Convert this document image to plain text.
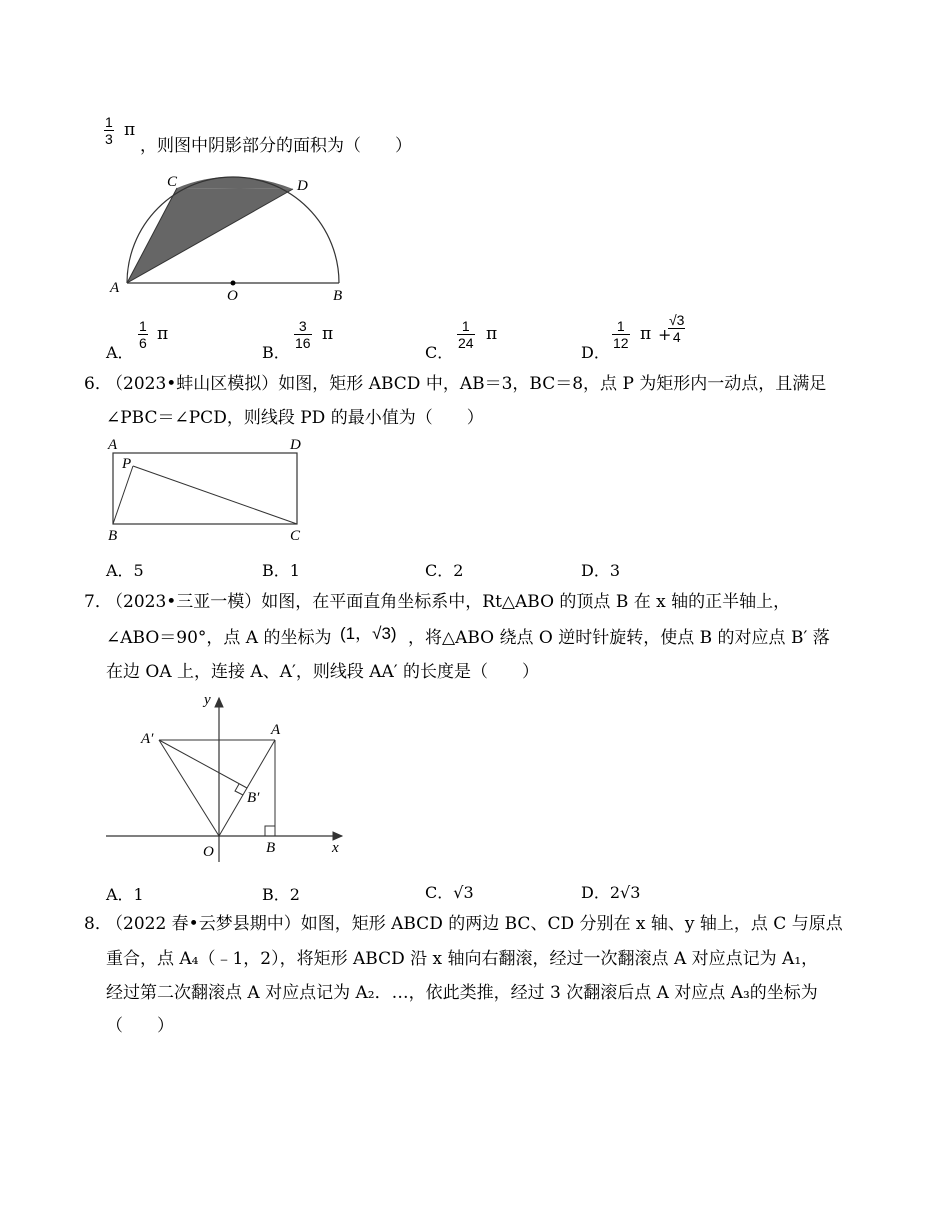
$\frac{1}{3}$ π
，则图中阴影部分的面积为（　　）
C	D
A	O	B
A．
$\frac{1}{6}$ π
B．
$\frac{3}{16}$ π
C．
$\frac{1}{24}$ π
D．
$\frac{1}{12}$ π +
$\frac{√3}{4}$
6．
（2023•蚌山区模拟）如图，矩形 ABCD 中，AB＝3，BC＝8，点 P 为矩形内一动点，且满足
∠PBC＝∠PCD，则线段 PD 的最小值为（　　）
A	D
P
B	C
A．5	B．1	C．2	D．3
7．
（2023•三亚一模）如图，在平面直角坐标系中，Rt△ABO 的顶点 B 在 x 轴的正半轴上，
∠ABO＝90°，点 A 的坐标为 (1，√3) ，将△ABO 绕点 O 逆时针旋转，使点 B 的对应点 B′ 落
在边 OA 上，连接 A、A′，则线段 AA′ 的长度是（　　）
y
A′
A
B′
O	B	x
A．1	B．2	C．√3	D．2√3
8．
（2022 春•云梦县期中）如图，矩形 ABCD 的两边 BC、CD 分别在 x 轴、y 轴上，点 C 与原点
重合，点 A₄（﹣1，2），将矩形 ABCD 沿 x 轴向右翻滚，经过一次翻滚点 A 对应点记为 A₁，
经过第二次翻滚点 A 对应点记为 A₂．…，依此类推，经过 3 次翻滚后点 A 对应点 A₃的坐标为
（　　）
